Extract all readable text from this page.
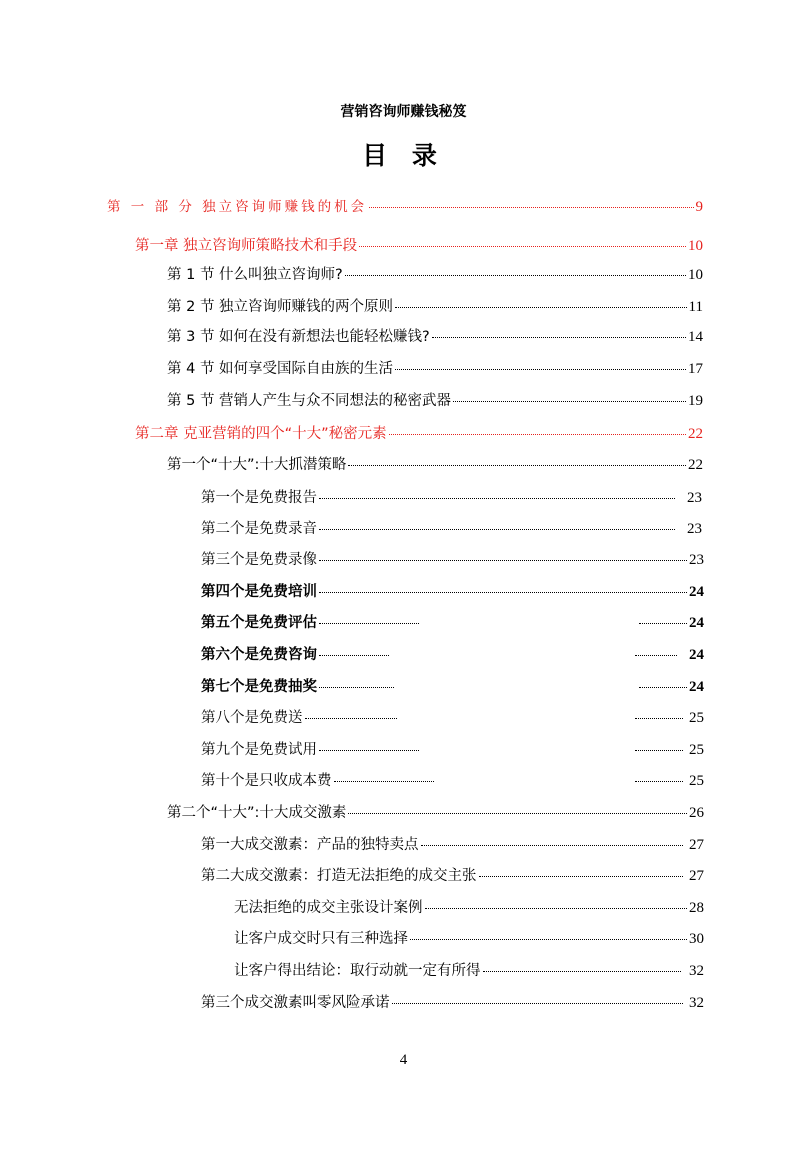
营销咨询师赚钱秘笈
目 录
第 一 部 分 独立咨询师赚钱的机会	9
第一章 独立咨询师策略技术和手段	10
第 1 节 什么叫独立咨询师?	10
第 2 节 独立咨询师赚钱的两个原则	11
第 3 节 如何在没有新想法也能轻松赚钱?	14
第 4 节 如何享受国际自由族的生活	17
第 5 节 营销人产生与众不同想法的秘密武器	19
第二章 克亚营销的四个“十大”秘密元素	22
第一个“十大”:十大抓潜策略	22
第一个是免费报告	23
第二个是免费录音	23
第三个是免费录像	23
第四个是免费培训	24
第五个是免费评估	24
第六个是免费咨询	24
第七个是免费抽奖	24
第八个是免费送	25
第九个是免费试用	25
第十个是只收成本费	25
第二个“十大”:十大成交激素	26
第一大成交激素：产品的独特卖点	27
第二大成交激素：打造无法拒绝的成交主张	27
无法拒绝的成交主张设计案例	28
让客户成交时只有三种选择	30
让客户得出结论：取行动就一定有所得	32
第三个成交激素叫零风险承诺	32
4
